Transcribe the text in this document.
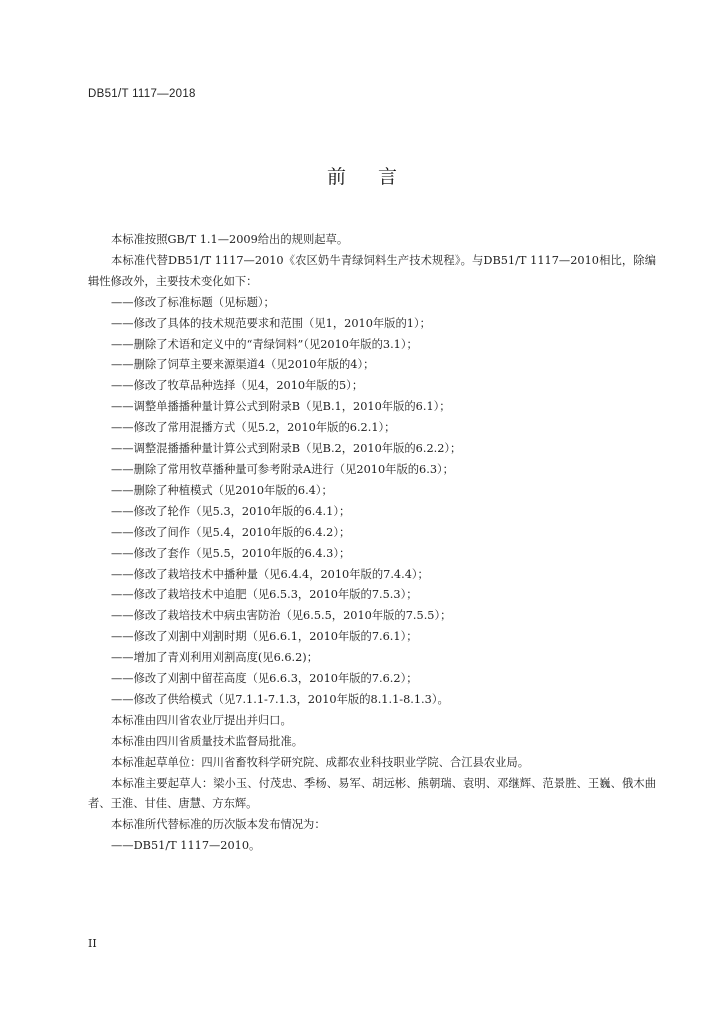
DB51/T 1117—2018
前 言

本标准按照GB/T 1.1—2009给出的规则起草。

本标准代替DB51/T 1117—2010《农区奶牛青绿饲料生产技术规程》。与DB51/T 1117—2010相比，除编辑性修改外，主要技术变化如下：

——修改了标准标题（见标题）；

——修改了具体的技术规范要求和范围（见1，2010年版的1）；

——删除了术语和定义中的“青绿饲料”（见2010年版的3.1）；

——删除了饲草主要来源渠道4（见2010年版的4）；

——修改了牧草品种选择（见4，2010年版的5）；

——调整单播播种量计算公式到附录B（见B.1，2010年版的6.1）；

——修改了常用混播方式（见5.2，2010年版的6.2.1）；

——调整混播播种量计算公式到附录B（见B.2，2010年版的6.2.2）；

——删除了常用牧草播种量可参考附录A进行（见2010年版的6.3）；

——删除了种植模式（见2010年版的6.4）；

——修改了轮作（见5.3，2010年版的6.4.1）；

——修改了间作（见5.4，2010年版的6.4.2）；

——修改了套作（见5.5，2010年版的6.4.3）；

——修改了栽培技术中播种量（见6.4.4，2010年版的7.4.4）；

——修改了栽培技术中追肥（见6.5.3，2010年版的7.5.3）；

——修改了栽培技术中病虫害防治（见6.5.5，2010年版的7.5.5）；

——修改了刈割中刈割时期（见6.6.1，2010年版的7.6.1）；

——增加了青刈利用刈割高度(见6.6.2)；

——修改了刈割中留茬高度（见6.6.3，2010年版的7.6.2）；

——修改了供给模式（见7.1.1-7.1.3，2010年版的8.1.1-8.1.3）。

本标准由四川省农业厅提出并归口。

本标准由四川省质量技术监督局批准。

本标准起草单位：四川省畜牧科学研究院、成都农业科技职业学院、合江县农业局。

本标准主要起草人：梁小玉、付茂忠、季杨、易军、胡远彬、熊朝瑞、袁明、邓继辉、范景胜、王巍、俄木曲者、王淮、甘佳、唐慧、方东辉。

本标准所代替标准的历次版本发布情况为：

——DB51/T 1117—2010。

II
